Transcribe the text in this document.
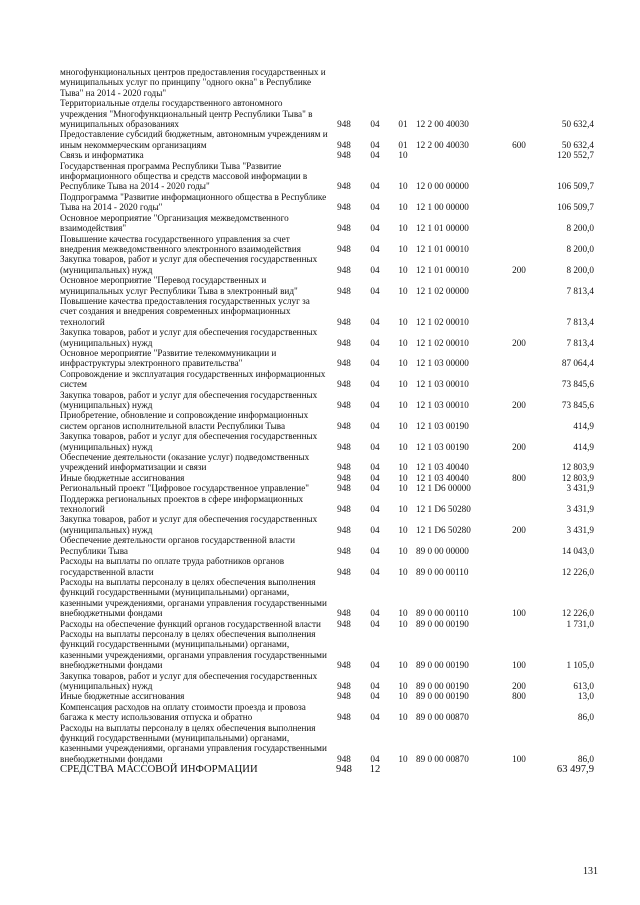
многофункциональных центров предоставления государственных и муниципальных услуг по принципу "одного окна" в Республике Тыва" на 2014 - 2020 годы"						
Территориальные отделы государственного автономного учреждения "Многофункциональный центр Республики Тыва" в муниципальных образованиях	948	04	01	12 2 00 40030		50 632,4
Предоставление субсидий бюджетным, автономным учреждениям и иным некоммерческим организациям	948	04	01	12 2 00 40030	600	50 632,4
Связь и информатика	948	04	10			120 552,7
Государственная программа Республики Тыва "Развитие информационного общества и средств массовой информации в Республике Тыва на 2014 - 2020 годы"	948	04	10	12 0 00 00000		106 509,7
Подпрограмма "Развитие информационного общества в Республике Тыва на 2014 - 2020 годы"	948	04	10	12 1 00 00000		106 509,7
Основное мероприятие "Организация межведомственного взаимодействия"	948	04	10	12 1 01 00000		8 200,0
Повышение качества государственного управления за счет внедрения межведомственного электронного взаимодействия	948	04	10	12 1 01 00010		8 200,0
Закупка товаров, работ и услуг для обеспечения государственных (муниципальных) нужд	948	04	10	12 1 01 00010	200	8 200,0
Основное мероприятие "Перевод государственных и муниципальных услуг Республики Тыва в электронный вид"	948	04	10	12 1 02 00000		7 813,4
Повышение качества предоставления государственных услуг за счет создания и внедрения современных информационных технологий	948	04	10	12 1 02 00010		7 813,4
Закупка товаров, работ и услуг для обеспечения государственных (муниципальных) нужд	948	04	10	12 1 02 00010	200	7 813,4
Основное мероприятие "Развитие телекоммуникации и инфраструктуры электронного правительства"	948	04	10	12 1 03 00000		87 064,4
Сопровождение и эксплуатация государственных информационных систем	948	04	10	12 1 03 00010		73 845,6
Закупка товаров, работ и услуг для обеспечения государственных (муниципальных) нужд	948	04	10	12 1 03 00010	200	73 845,6
Приобретение, обновление и сопровождение информационных систем органов исполнительной власти Республики Тыва	948	04	10	12 1 03 00190		414,9
Закупка товаров, работ и услуг для обеспечения государственных (муниципальных) нужд	948	04	10	12 1 03 00190	200	414,9
Обеспечение деятельности (оказание услуг) подведомственных учреждений информатизации и связи	948	04	10	12 1 03 40040		12 803,9
Иные бюджетные ассигнования	948	04	10	12 1 03 40040	800	12 803,9
Региональный проект "Цифровое государственное управление"	948	04	10	12 1 D6 00000		3 431,9
Поддержка региональных проектов в сфере информационных технологий	948	04	10	12 1 D6 50280		3 431,9
Закупка товаров, работ и услуг для обеспечения государственных (муниципальных) нужд	948	04	10	12 1 D6 50280	200	3 431,9
Обеспечение деятельности органов государственной власти Республики Тыва	948	04	10	89 0 00 00000		14 043,0
Расходы на выплаты по оплате труда работников органов государственной власти	948	04	10	89 0 00 00110		12 226,0
Расходы на выплаты персоналу в целях обеспечения выполнения функций государственными (муниципальными) органами, казенными учреждениями, органами управления государственными внебюджетными фондами	948	04	10	89 0 00 00110	100	12 226,0
Расходы на обеспечение функций органов государственной власти	948	04	10	89 0 00 00190		1 731,0
Расходы на выплаты персоналу в целях обеспечения выполнения функций государственными (муниципальными) органами, казенными учреждениями, органами управления государственными внебюджетными фондами	948	04	10	89 0 00 00190	100	1 105,0
Закупка товаров, работ и услуг для обеспечения государственных (муниципальных) нужд	948	04	10	89 0 00 00190	200	613,0
Иные бюджетные ассигнования	948	04	10	89 0 00 00190	800	13,0
Компенсация расходов на оплату стоимости проезда и провоза багажа к месту использования отпуска и обратно	948	04	10	89 0 00 00870		86,0
Расходы на выплаты персоналу в целях обеспечения выполнения функций государственными (муниципальными) органами, казенными учреждениями, органами управления государственными внебюджетными фондами	948	04	10	89 0 00 00870	100	86,0
СРЕДСТВА МАССОВОЙ ИНФОРМАЦИИ	948	12				63 497,9
131
